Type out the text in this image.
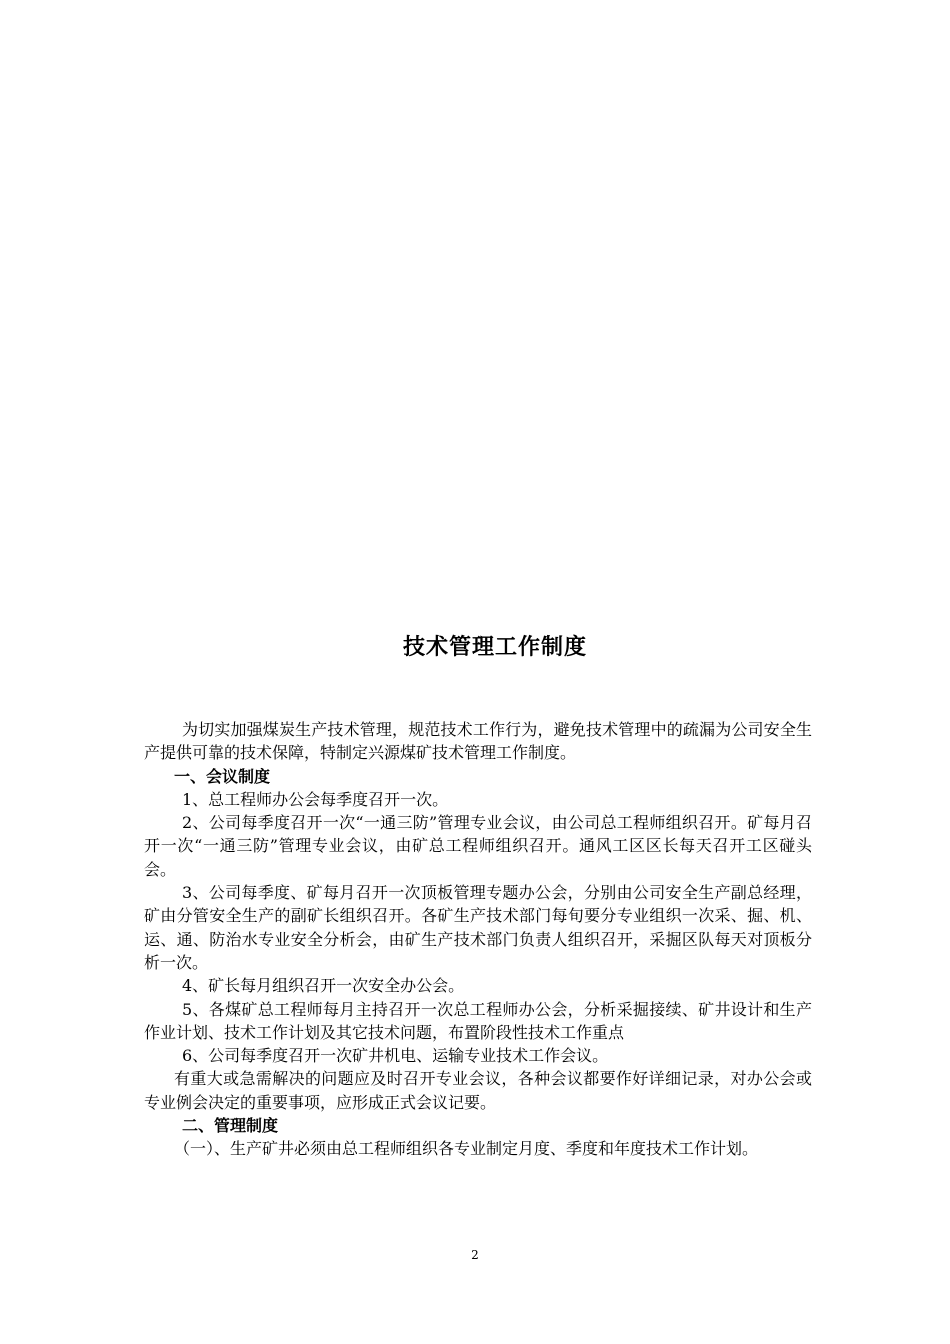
技术管理工作制度

为切实加强煤炭生产技术管理，规范技术工作行为，避免技术管理中的疏漏为公司安全生产提供可靠的技术保障，特制定兴源煤矿技术管理工作制度。

一、会议制度

1、总工程师办公会每季度召开一次。

2、公司每季度召开一次“一通三防”管理专业会议，由公司总工程师组织召开。矿每月召开一次“一通三防”管理专业会议，由矿总工程师组织召开。通风工区区长每天召开工区碰头会。

3、公司每季度、矿每月召开一次顶板管理专题办公会，分别由公司安全生产副总经理，矿由分管安全生产的副矿长组织召开。各矿生产技术部门每旬要分专业组织一次采、掘、机、运、通、防治水专业安全分析会，由矿生产技术部门负责人组织召开，采掘区队每天对顶板分析一次。

4、矿长每月组织召开一次安全办公会。

5、各煤矿总工程师每月主持召开一次总工程师办公会，分析采掘接续、矿井设计和生产作业计划、技术工作计划及其它技术问题，布置阶段性技术工作重点

6、公司每季度召开一次矿井机电、运输专业技术工作会议。

有重大或急需解决的问题应及时召开专业会议，各种会议都要作好详细记录，对办公会或专业例会决定的重要事项，应形成正式会议记要。

二、管理制度

（一）、生产矿井必须由总工程师组织各专业制定月度、季度和年度技术工作计划。

2
